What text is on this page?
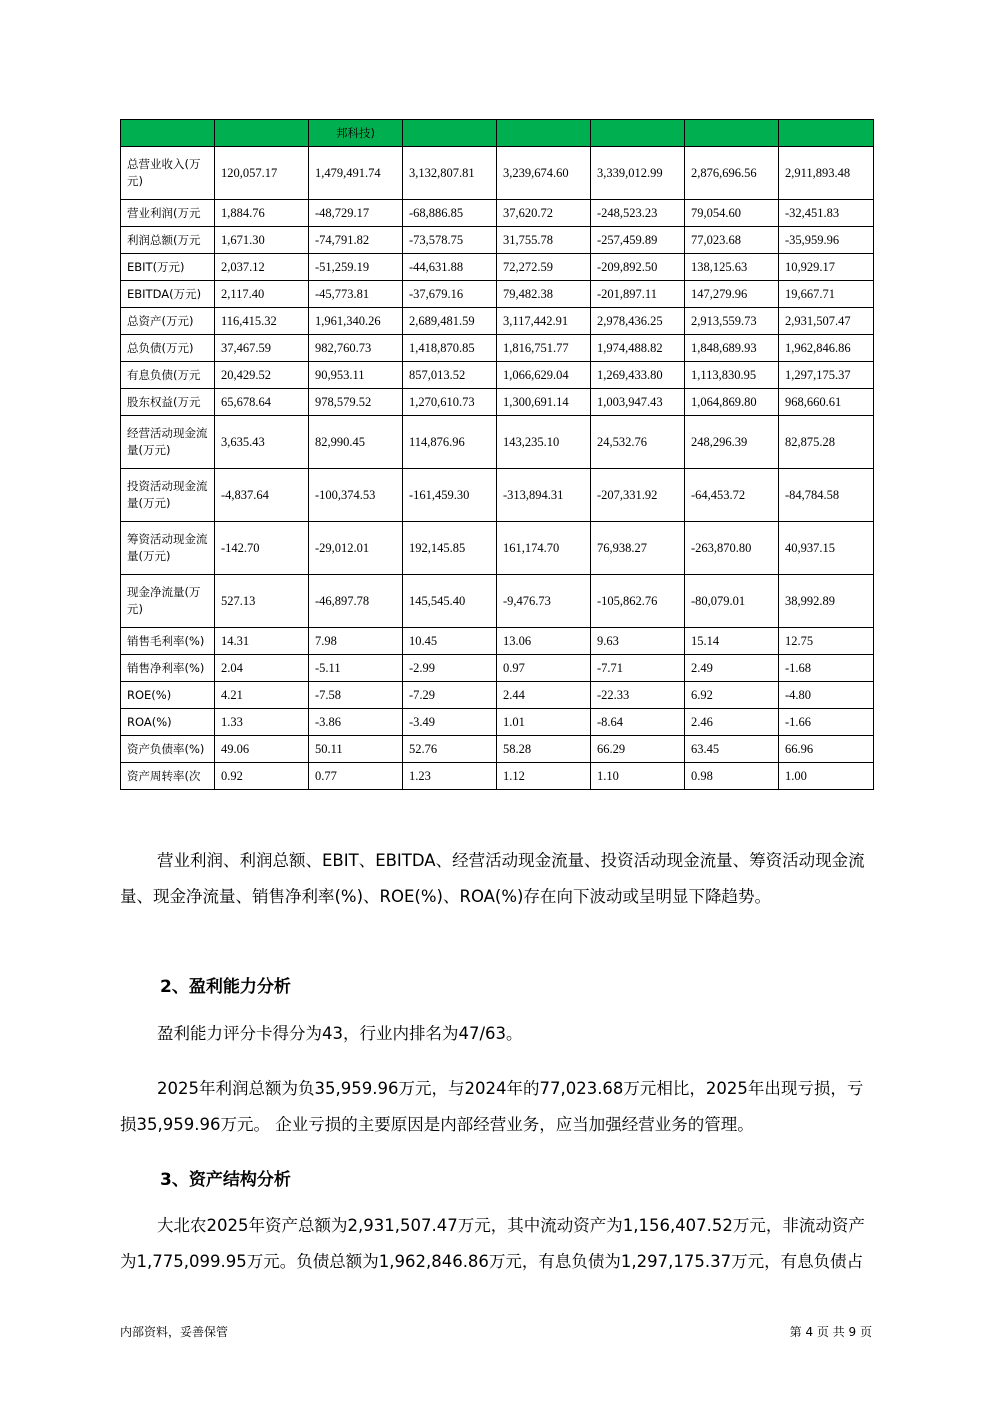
		邦科技)					
总营业收入(万元)	120,057.17	1,479,491.74	3,132,807.81	3,239,674.60	3,339,012.99	2,876,696.56	2,911,893.48
营业利润(万元	1,884.76	-48,729.17	-68,886.85	37,620.72	-248,523.23	79,054.60	-32,451.83
利润总额(万元	1,671.30	-74,791.82	-73,578.75	31,755.78	-257,459.89	77,023.68	-35,959.96
EBIT(万元)	2,037.12	-51,259.19	-44,631.88	72,272.59	-209,892.50	138,125.63	10,929.17
EBITDA(万元)	2,117.40	-45,773.81	-37,679.16	79,482.38	-201,897.11	147,279.96	19,667.71
总资产(万元)	116,415.32	1,961,340.26	2,689,481.59	3,117,442.91	2,978,436.25	2,913,559.73	2,931,507.47
总负债(万元)	37,467.59	982,760.73	1,418,870.85	1,816,751.77	1,974,488.82	1,848,689.93	1,962,846.86
有息负债(万元	20,429.52	90,953.11	857,013.52	1,066,629.04	1,269,433.80	1,113,830.95	1,297,175.37
股东权益(万元	65,678.64	978,579.52	1,270,610.73	1,300,691.14	1,003,947.43	1,064,869.80	968,660.61
经营活动现金流量(万元)	3,635.43	82,990.45	114,876.96	143,235.10	24,532.76	248,296.39	82,875.28
投资活动现金流量(万元)	-4,837.64	-100,374.53	-161,459.30	-313,894.31	-207,331.92	-64,453.72	-84,784.58
筹资活动现金流量(万元)	-142.70	-29,012.01	192,145.85	161,174.70	76,938.27	-263,870.80	40,937.15
现金净流量(万元)	527.13	-46,897.78	145,545.40	-9,476.73	-105,862.76	-80,079.01	38,992.89
销售毛利率(%)	14.31	7.98	10.45	13.06	9.63	15.14	12.75
销售净利率(%)	2.04	-5.11	-2.99	0.97	-7.71	2.49	-1.68
ROE(%)	4.21	-7.58	-7.29	2.44	-22.33	6.92	-4.80
ROA(%)	1.33	-3.86	-3.49	1.01	-8.64	2.46	-1.66
资产负债率(%)	49.06	50.11	52.76	58.28	66.29	63.45	66.96
资产周转率(次	0.92	0.77	1.23	1.12	1.10	0.98	1.00

营业利润、利润总额、EBIT、EBITDA、经营活动现金流量、投资活动现金流量、筹资活动现金流量、现金净流量、销售净利率(%)、ROE(%)、ROA(%)存在向下波动或呈明显下降趋势。

2、盈利能力分析

盈利能力评分卡得分为43，行业内排名为47/63。

2025年利润总额为负35,959.96万元，与2024年的77,023.68万元相比，2025年出现亏损，亏损35,959.96万元。 企业亏损的主要原因是内部经营业务，应当加强经营业务的管理。

3、资产结构分析

大北农2025年资产总额为2,931,507.47万元，其中流动资产为1,156,407.52万元，非流动资产为1,775,099.95万元。负债总额为1,962,846.86万元，有息负债为1,297,175.37万元，有息负债占

内部资料，妥善保管	第 4 页 共 9 页
